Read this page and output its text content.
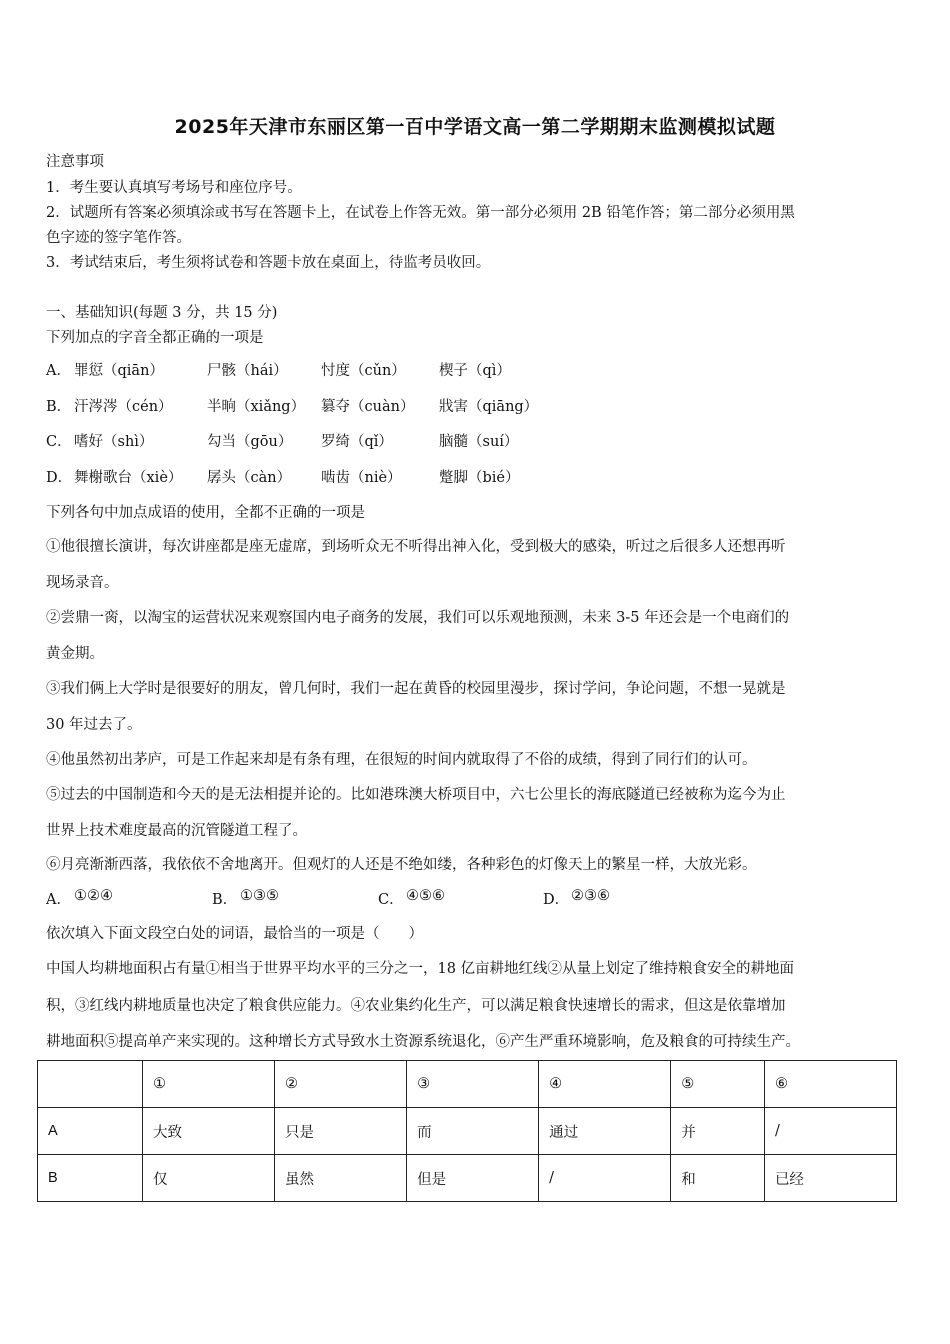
2025年天津市东丽区第一百中学语文高一第二学期期末监测模拟试题
注意事项
1．考生要认真填写考场号和座位序号。
2．试题所有答案必须填涂或书写在答题卡上，在试卷上作答无效。第一部分必须用 2B 铅笔作答；第二部分必须用黑
色字迹的签字笔作答。
3．考试结束后，考生须将试卷和答题卡放在桌面上，待监考员收回。
一、基础知识(每题 3 分，共 15 分)
下列加点的字音全都正确的一项是
A． 罪愆（qiān）	尸骸（hái） 忖度（cǔn） 楔子（qì）
B． 汗涔涔（cén） 半晌（xiǎng） 篡夺（cuàn） 戕害（qiāng）
C． 嗜好（shì）	勾当（gōu） 罗绮（qǐ）	脑髓（suí）
D． 舞榭歌台（xiè） 孱头（càn） 啮齿（niè）	蹩脚（bié）
下列各句中加点成语的使用，全都不正确的一项是
①他很擅长演讲，每次讲座都是座无虚席，到场听众无不听得出神入化，受到极大的感染，听过之后很多人还想再听
现场录音。
②尝鼎一脔，以淘宝的运营状况来观察国内电子商务的发展，我们可以乐观地预测，未来 3-5 年还会是一个电商们的
黄金期。
③我们俩上大学时是很要好的朋友，曾几何时，我们一起在黄昏的校园里漫步，探讨学问，争论问题，不想一晃就是
30 年过去了。
④他虽然初出茅庐，可是工作起来却是有条有理，在很短的时间内就取得了不俗的成绩，得到了同行们的认可。
⑤过去的中国制造和今天的是无法相提并论的。比如港珠澳大桥项目中，六七公里长的海底隧道已经被称为迄今为止
世界上技术难度最高的沉管隧道工程了。
⑥月亮渐渐西落，我依依不舍地离开。但观灯的人还是不绝如缕，各种彩色的灯像天上的繁星一样，大放光彩。
A． ①②④	B． ①③⑤	C． ④⑤⑥	D． ②③⑥
依次填入下面文段空白处的词语，最恰当的一项是（　　）
中国人均耕地面积占有量①相当于世界平均水平的三分之一，18 亿亩耕地红线②从量上划定了维持粮食安全的耕地面
积，③红线内耕地质量也决定了粮食供应能力。④农业集约化生产，可以满足粮食快速增长的需求，但这是依靠增加
耕地面积⑤提高单产来实现的。这种增长方式导致水土资源系统退化，⑥产生严重环境影响，危及粮食的可持续生产。
	①	②	③	④	⑤	⑥
A	大致	只是	而	通过	并	/
B	仅	虽然	但是	/	和	已经
